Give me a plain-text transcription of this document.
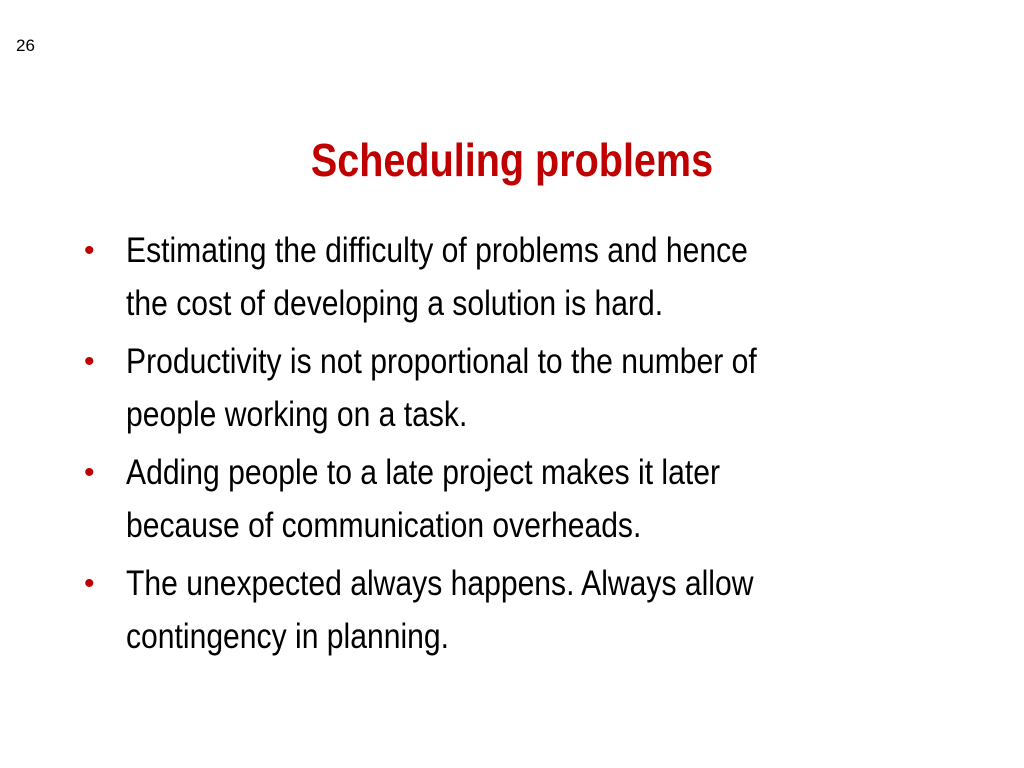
26
Scheduling problems
• Estimating the difficulty of problems and hence
the cost of developing a solution is hard.
• Productivity is not proportional to the number of
people working on a task.
• Adding people to a late project makes it later
because of communication overheads.
• The unexpected always happens. Always allow
contingency in planning.
